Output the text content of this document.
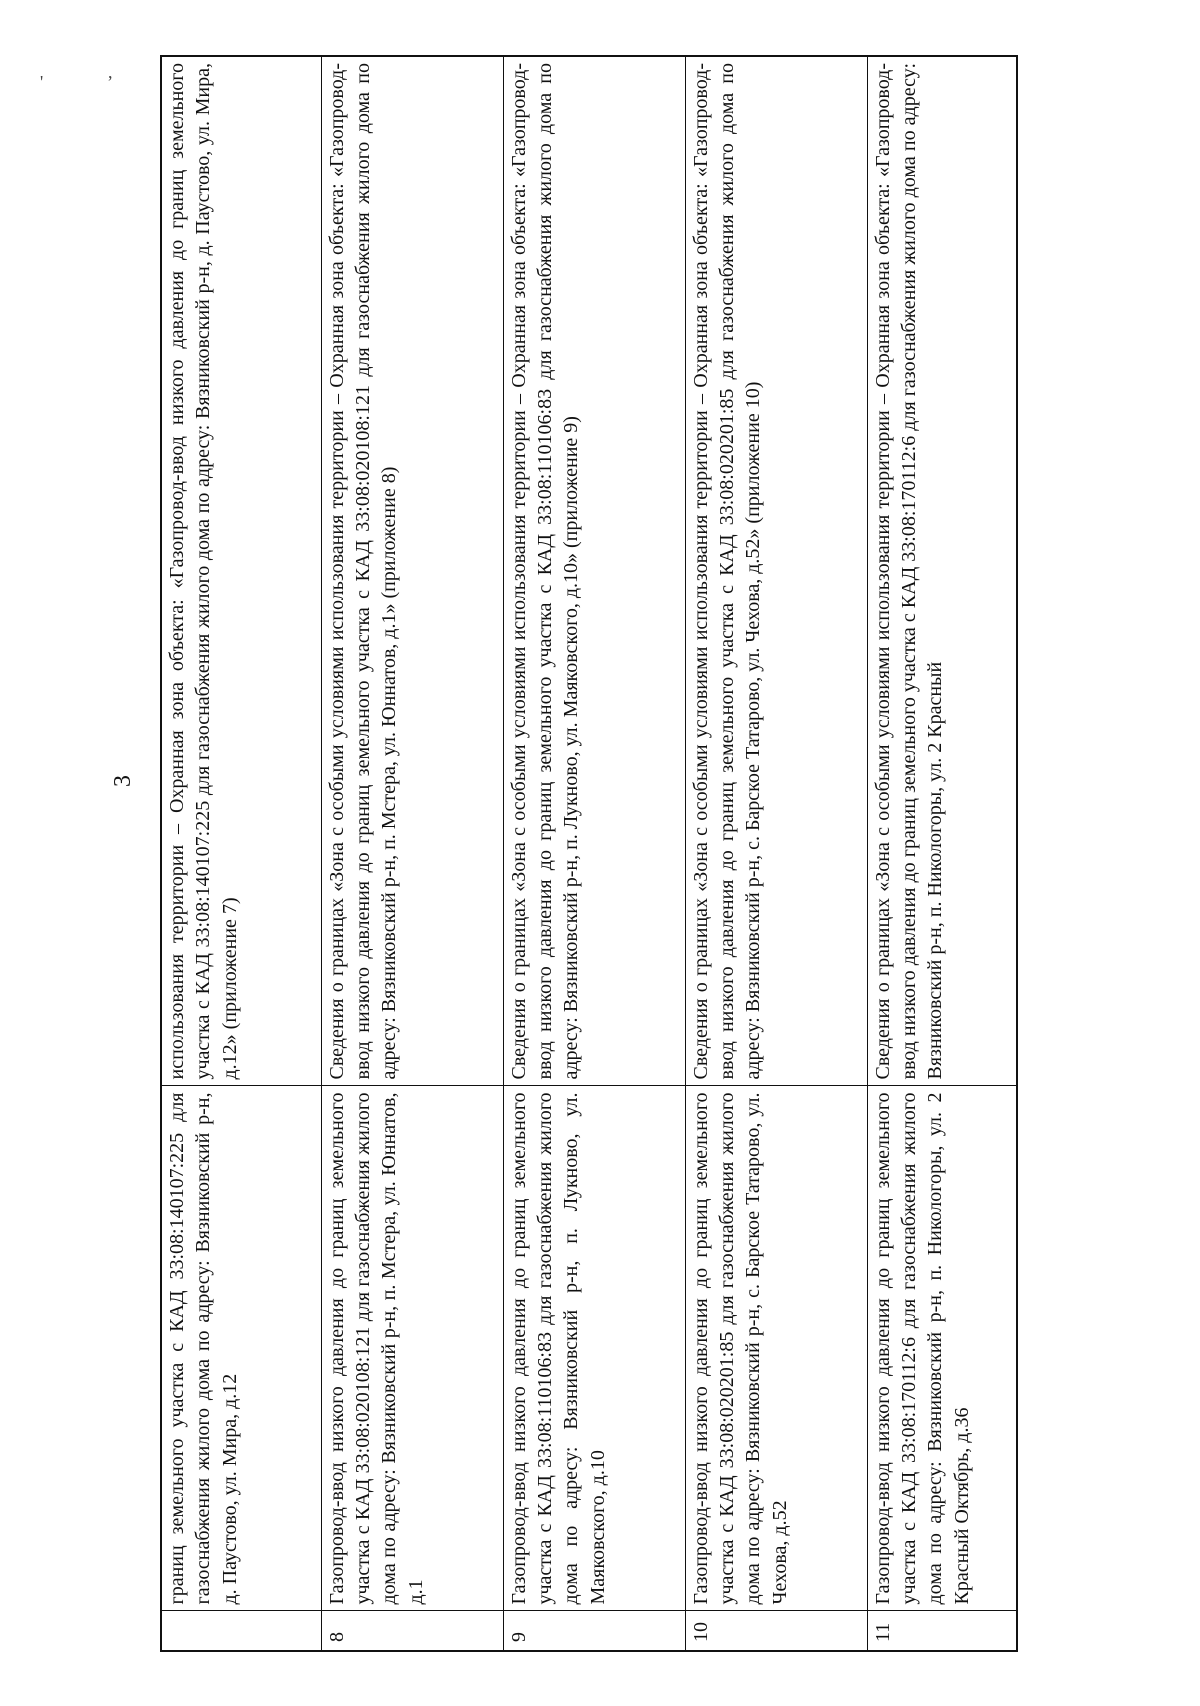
'	,
3
	границ земельного участка с КАД 33:08:140107:225 для газоснабжения жилого дома по адресу: Вязниковский р-н, д. Паустово, ул. Мира, д.12	использования территории – Охранная зона объекта: «Газопровод-ввод низкого давления до границ земельного участка с КАД 33:08:140107:225 для газоснабжения жилого дома по адресу: Вязниковский р-н, д. Паустово, ул. Мира, д.12» (приложение 7)
8	Газопровод-ввод низкого давления до границ земельного участка с КАД 33:08:020108:121 для газоснабжения жилого дома по адресу: Вязниковский р-н, п. Мстера, ул. Юннатов, д.1	Сведения о границах «Зона с особыми условиями использования территории – Охранная зона объекта: «Газопровод-ввод низкого давления до границ земельного участка с КАД 33:08:020108:121 для газоснабжения жилого дома по адресу: Вязниковский р-н, п. Мстера, ул. Юннатов, д.1» (приложение 8)
9	Газопровод-ввод низкого давления до границ земельного участка с КАД 33:08:110106:83 для газоснабжения жилого дома по адресу: Вязниковский р-н, п. Лукново, ул. Маяковского, д.10	Сведения о границах «Зона с особыми условиями использования территории – Охранная зона объекта: «Газопровод-ввод низкого давления до границ земельного участка с КАД 33:08:110106:83 для газоснабжения жилого дома по адресу: Вязниковский р-н, п. Лукново, ул. Маяковского, д.10» (приложение 9)
10	Газопровод-ввод низкого давления до границ земельного участка с КАД 33:08:020201:85 для газоснабжения жилого дома по адресу: Вязниковский р-н, с. Барское Татарово, ул. Чехова, д.52	Сведения о границах «Зона с особыми условиями использования территории – Охранная зона объекта: «Газопровод-ввод низкого давления до границ земельного участка с КАД 33:08:020201:85 для газоснабжения жилого дома по адресу: Вязниковский р-н, с. Барское Татарово, ул. Чехова, д.52» (приложение 10)
11	Газопровод-ввод низкого давления до границ земельного участка с КАД 33:08:170112:6 для газоснабжения жилого дома по адресу: Вязниковский р-н, п. Никологоры, ул. 2 Красный Октябрь, д.36	Сведения о границах «Зона с особыми условиями использования территории – Охранная зона объекта: «Газопровод-ввод низкого давления до границ земельного участка с КАД 33:08:170112:6 для газоснабжения жилого дома по адресу: Вязниковский р-н, п. Никологоры, ул. 2 Красный
